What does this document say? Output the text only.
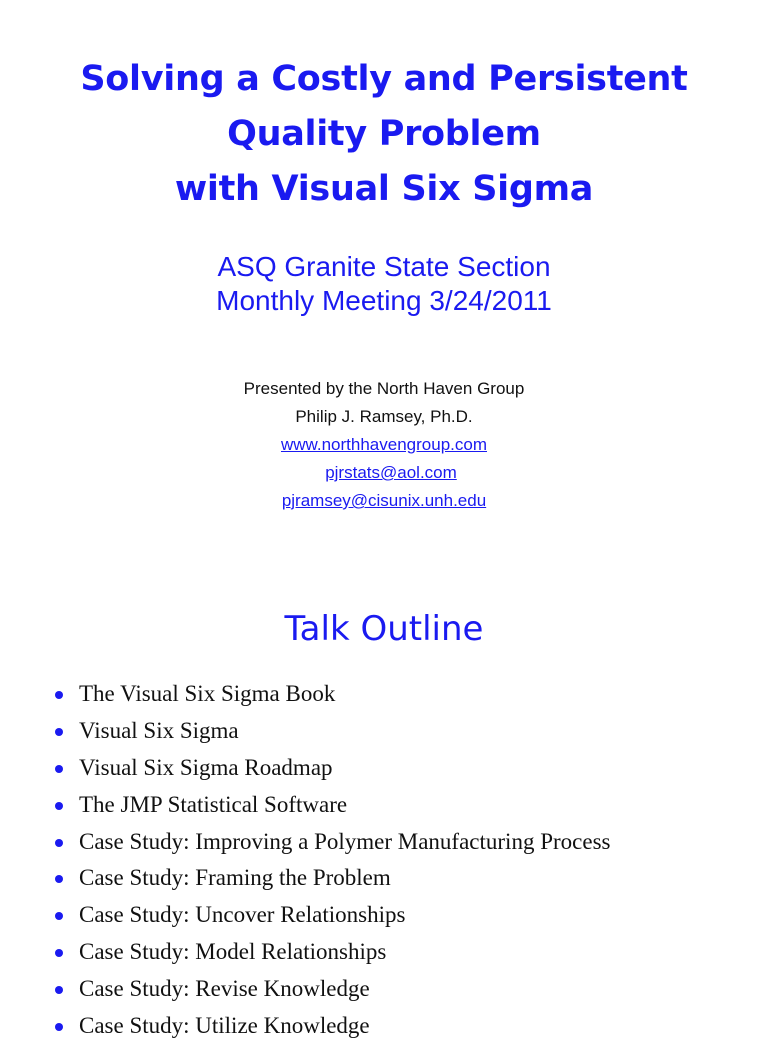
Solving a Costly and Persistent
Quality Problem
with Visual Six Sigma
ASQ Granite State Section
Monthly Meeting 3/24/2011
Presented by the North Haven Group
Philip J. Ramsey, Ph.D.
www.northhavengroup.com
pjrstats@aol.com
pjramsey@cisunix.unh.edu
Talk Outline
The Visual Six Sigma Book
Visual Six Sigma
Visual Six Sigma Roadmap
The JMP Statistical Software
Case Study: Improving a Polymer Manufacturing Process
Case Study: Framing the Problem
Case Study: Uncover Relationships
Case Study: Model Relationships
Case Study: Revise Knowledge
Case Study: Utilize Knowledge
